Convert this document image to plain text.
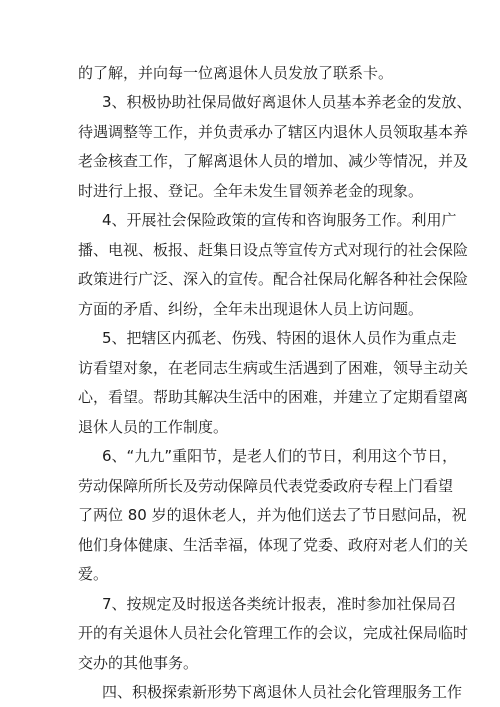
的了解，并向每一位离退休人员发放了联系卡。
3、积极协助社保局做好离退休人员基本养老金的发放、
待遇调整等工作，并负责承办了辖区内退休人员领取基本养
老金核查工作，了解离退休人员的增加、减少等情况，并及
时进行上报、登记。全年未发生冒领养老金的现象。
4、开展社会保险政策的宣传和咨询服务工作。利用广
播、电视、板报、赶集日设点等宣传方式对现行的社会保险
政策进行广泛、深入的宣传。配合社保局化解各种社会保险
方面的矛盾、纠纷，全年未出现退休人员上访问题。
5、把辖区内孤老、伤残、特困的退休人员作为重点走
访看望对象，在老同志生病或生活遇到了困难，领导主动关
心，看望。帮助其解决生活中的困难，并建立了定期看望离
退休人员的工作制度。
6、“九九”重阳节，是老人们的节日，利用这个节日，
劳动保障所所长及劳动保障员代表党委政府专程上门看望
了两位 80 岁的退休老人，并为他们送去了节日慰问品，祝
他们身体健康、生活幸福，体现了党委、政府对老人们的关
爱。
7、按规定及时报送各类统计报表，准时参加社保局召
开的有关退休人员社会化管理工作的会议，完成社保局临时
交办的其他事务。
四、积极探索新形势下离退休人员社会化管理服务工作
